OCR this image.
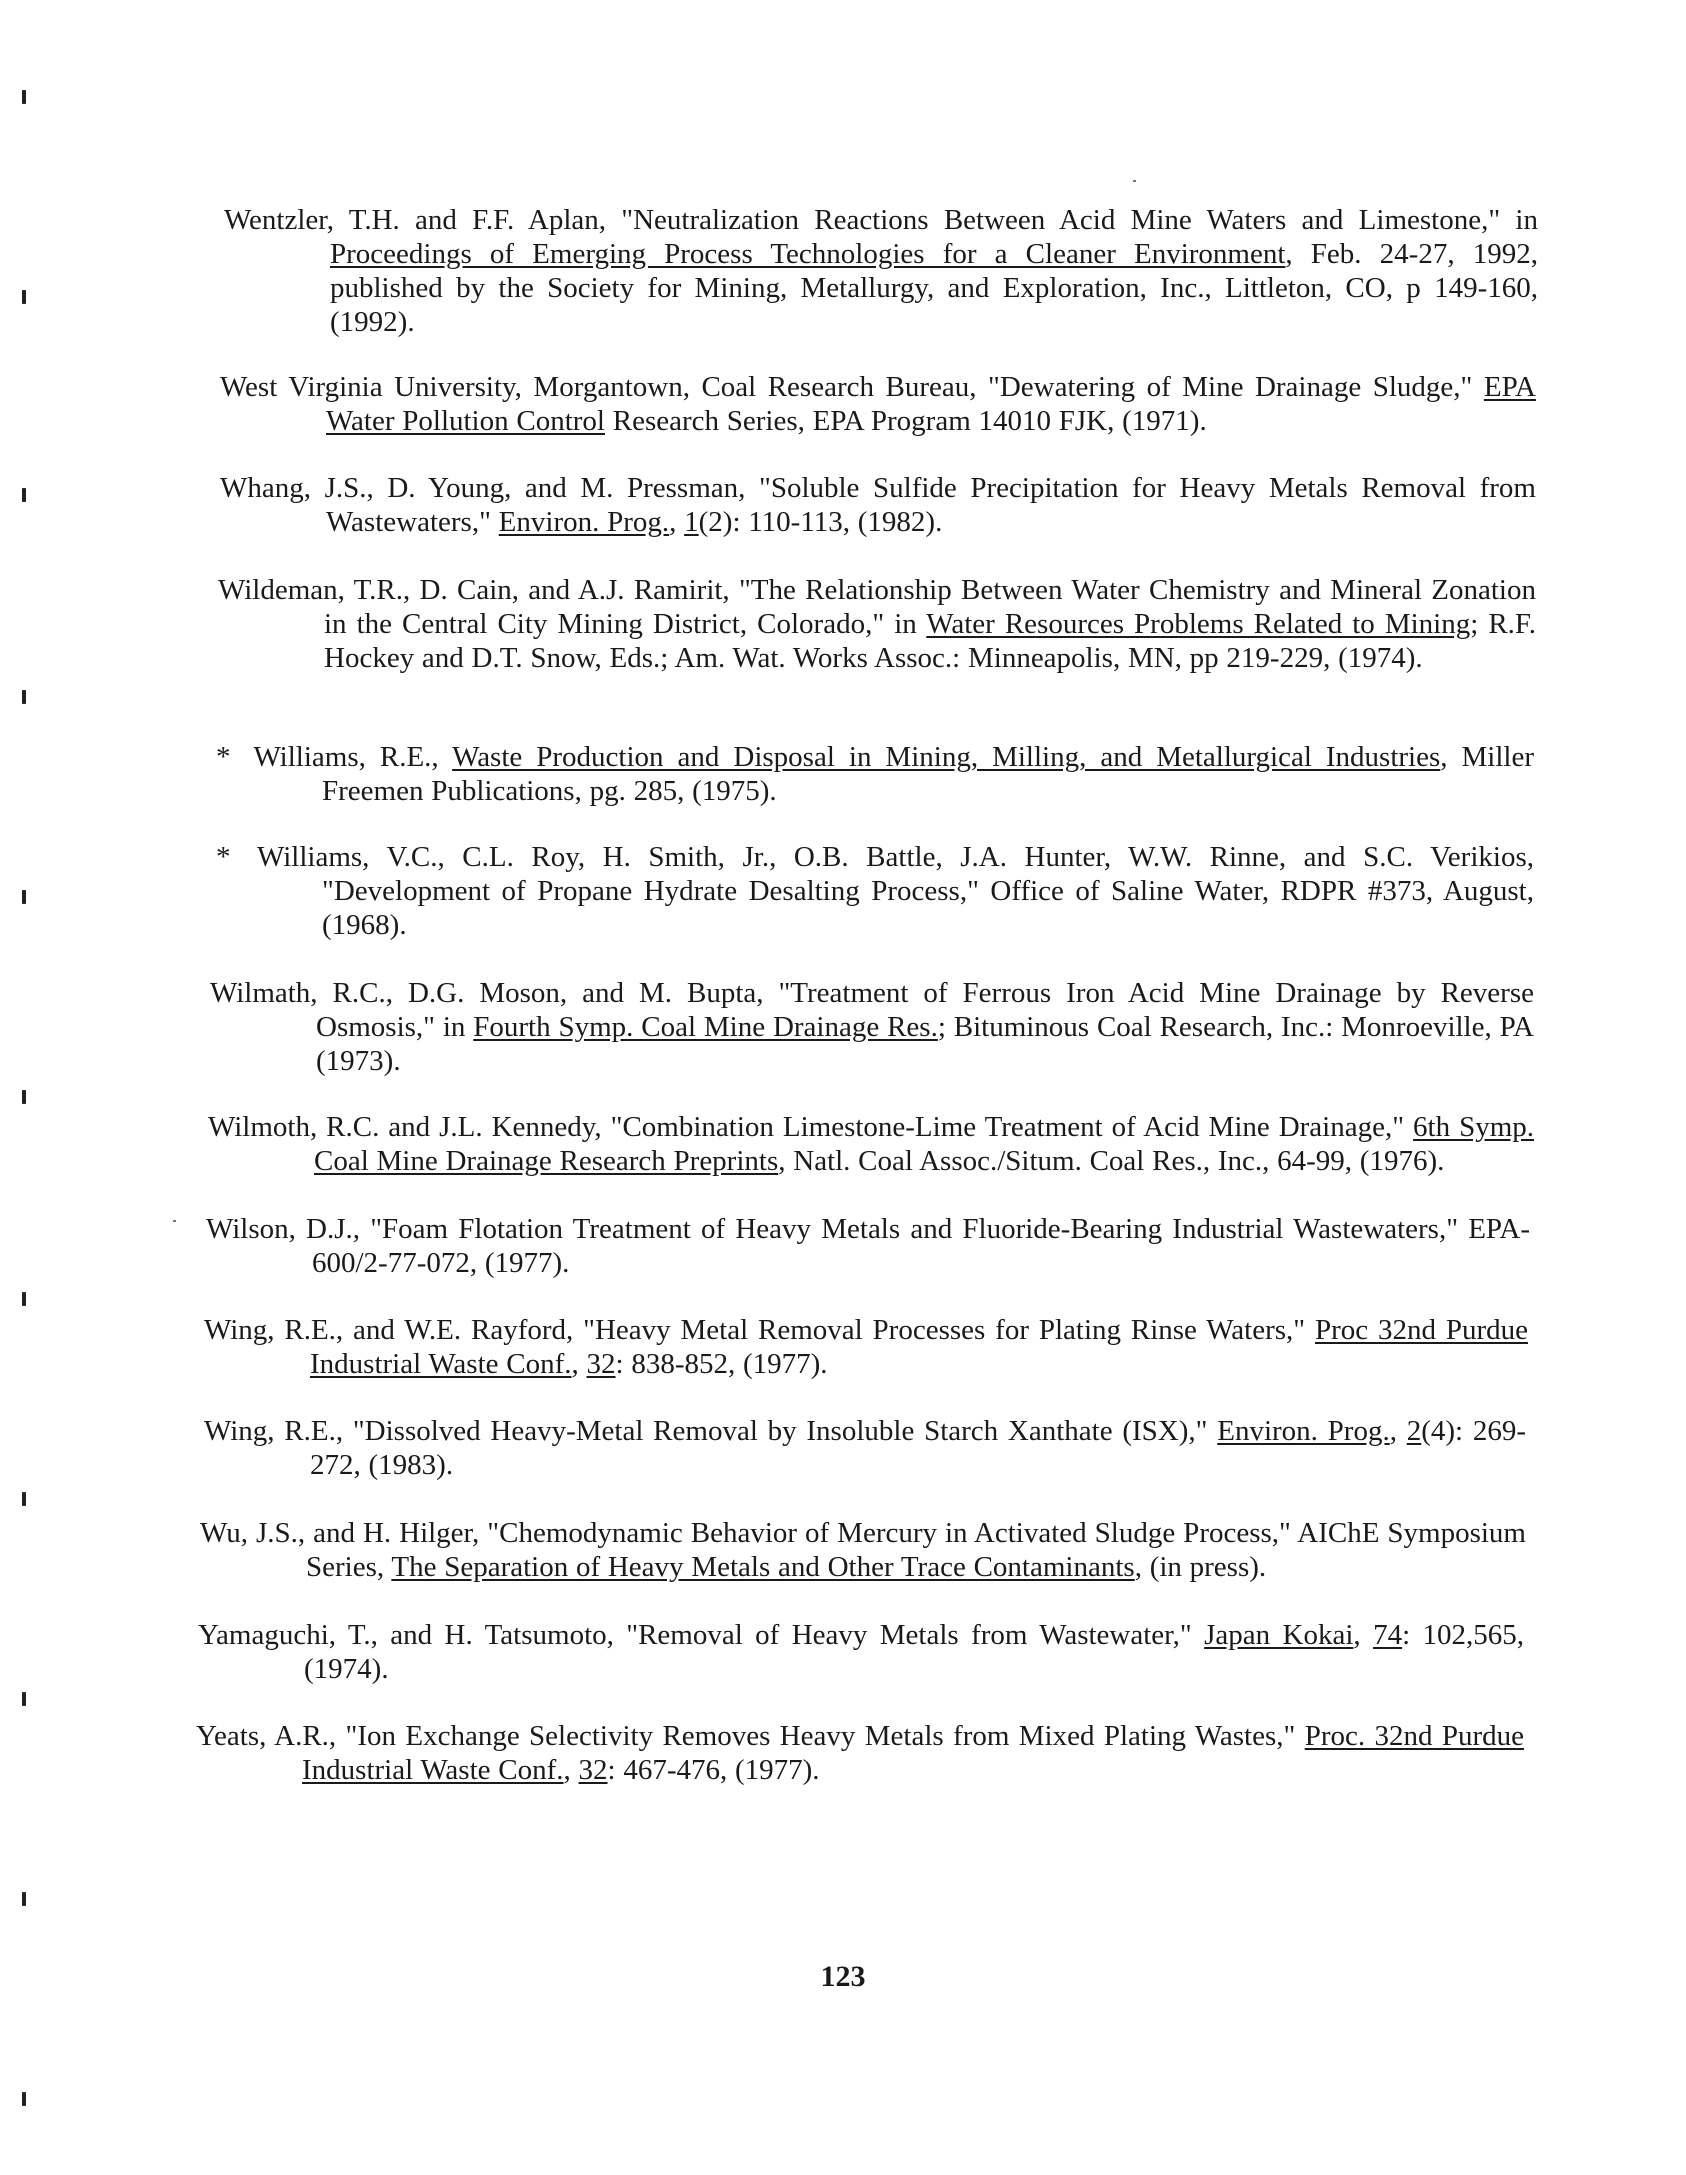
Wentzler, T.H. and F.F. Aplan, "Neutralization Reactions Between Acid Mine Waters and Limestone," in Proceedings of Emerging Process Technologies for a Cleaner Environment, Feb. 24-27, 1992, published by the Society for Mining, Metallurgy, and Exploration, Inc., Littleton, CO, p 149-160, (1992).
West Virginia University, Morgantown, Coal Research Bureau, "Dewatering of Mine Drainage Sludge," EPA Water Pollution Control Research Series, EPA Program 14010 FJK, (1971).
Whang, J.S., D. Young, and M. Pressman, "Soluble Sulfide Precipitation for Heavy Metals Removal from Wastewaters," Environ. Prog., 1(2): 110-113, (1982).
Wildeman, T.R., D. Cain, and A.J. Ramirit, "The Relationship Between Water Chemistry and Mineral Zonation in the Central City Mining District, Colorado," in Water Resources Problems Related to Mining; R.F. Hockey and D.T. Snow, Eds.; Am. Wat. Works Assoc.: Minneapolis, MN, pp 219-229, (1974).
* Williams, R.E., Waste Production and Disposal in Mining, Milling, and Metallurgical Industries, Miller Freemen Publications, pg. 285, (1975).
* Williams, V.C., C.L. Roy, H. Smith, Jr., O.B. Battle, J.A. Hunter, W.W. Rinne, and S.C. Verikios, "Development of Propane Hydrate Desalting Process," Office of Saline Water, RDPR #373, August, (1968).
Wilmath, R.C., D.G. Moson, and M. Bupta, "Treatment of Ferrous Iron Acid Mine Drainage by Reverse Osmosis," in Fourth Symp. Coal Mine Drainage Res.; Bituminous Coal Research, Inc.: Monroeville, PA (1973).
Wilmoth, R.C. and J.L. Kennedy, "Combination Limestone-Lime Treatment of Acid Mine Drainage," 6th Symp. Coal Mine Drainage Research Preprints, Natl. Coal Assoc./Situm. Coal Res., Inc., 64-99, (1976).
Wilson, D.J., "Foam Flotation Treatment of Heavy Metals and Fluoride-Bearing Industrial Wastewaters," EPA-600/2-77-072, (1977).
Wing, R.E., and W.E. Rayford, "Heavy Metal Removal Processes for Plating Rinse Waters," Proc 32nd Purdue Industrial Waste Conf., 32: 838-852, (1977).
Wing, R.E., "Dissolved Heavy-Metal Removal by Insoluble Starch Xanthate (ISX)," Environ. Prog., 2(4): 269-272, (1983).
Wu, J.S., and H. Hilger, "Chemodynamic Behavior of Mercury in Activated Sludge Process," AIChE Symposium Series, The Separation of Heavy Metals and Other Trace Contaminants, (in press).
Yamaguchi, T., and H. Tatsumoto, "Removal of Heavy Metals from Wastewater," Japan Kokai, 74: 102,565, (1974).
Yeats, A.R., "Ion Exchange Selectivity Removes Heavy Metals from Mixed Plating Wastes," Proc. 32nd Purdue Industrial Waste Conf., 32: 467-476, (1977).
123
